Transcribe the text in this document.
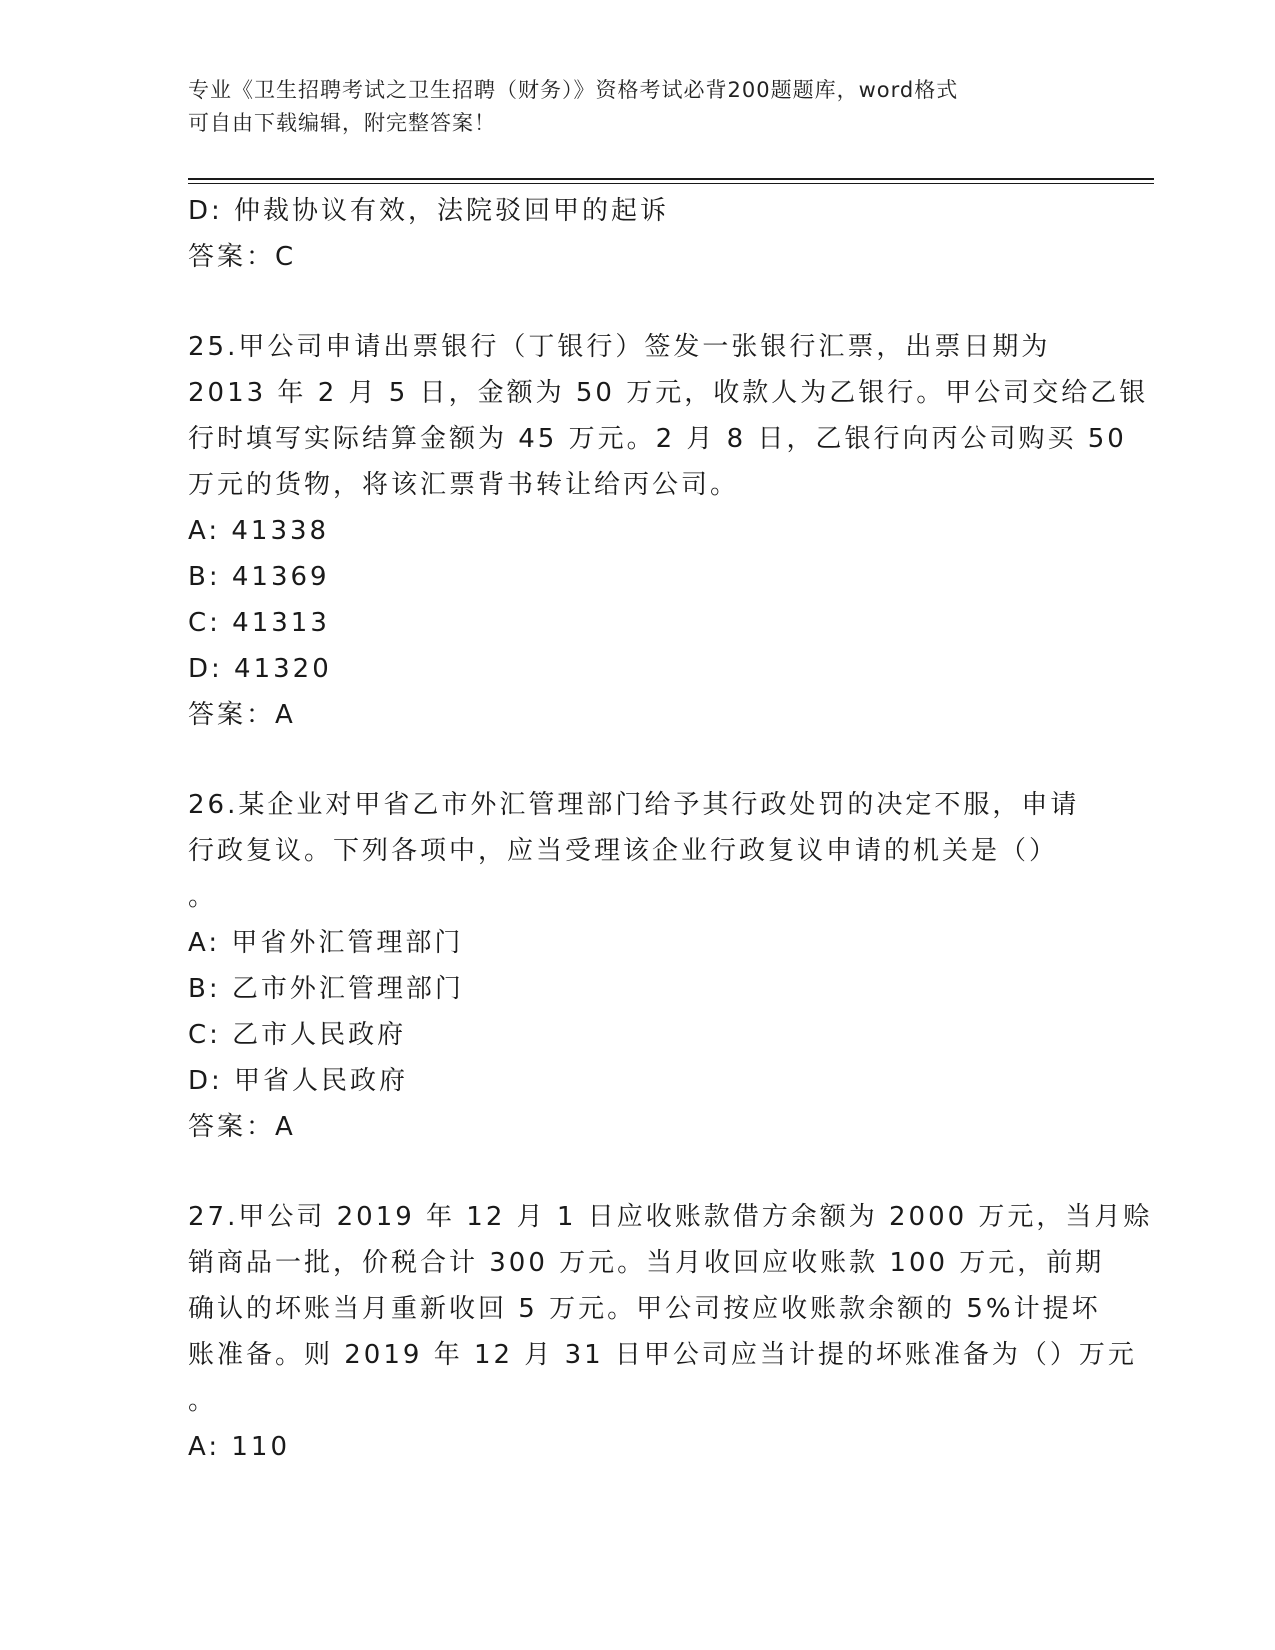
专业《卫生招聘考试之卫生招聘（财务）》资格考试必背200题题库，word格式
可自由下载编辑，附完整答案！
D: 仲裁协议有效，法院驳回甲的起诉
答案：C
25.甲公司申请出票银行（丁银行）签发一张银行汇票，出票日期为
2013 年 2 月 5 日，金额为 50 万元，收款人为乙银行。甲公司交给乙银
行时填写实际结算金额为 45 万元。2 月 8 日，乙银行向丙公司购买 50
万元的货物，将该汇票背书转让给丙公司。
A: 41338
B: 41369
C: 41313
D: 41320
答案：A
26.某企业对甲省乙市外汇管理部门给予其行政处罚的决定不服，申请
行政复议。下列各项中，应当受理该企业行政复议申请的机关是（）
。
A: 甲省外汇管理部门
B: 乙市外汇管理部门
C: 乙市人民政府
D: 甲省人民政府
答案：A
27.甲公司 2019 年 12 月 1 日应收账款借方余额为 2000 万元，当月赊
销商品一批，价税合计 300 万元。当月收回应收账款 100 万元，前期
确认的坏账当月重新收回 5 万元。甲公司按应收账款余额的 5%计提坏
账准备。则 2019 年 12 月 31 日甲公司应当计提的坏账准备为（）万元
。
A: 110
